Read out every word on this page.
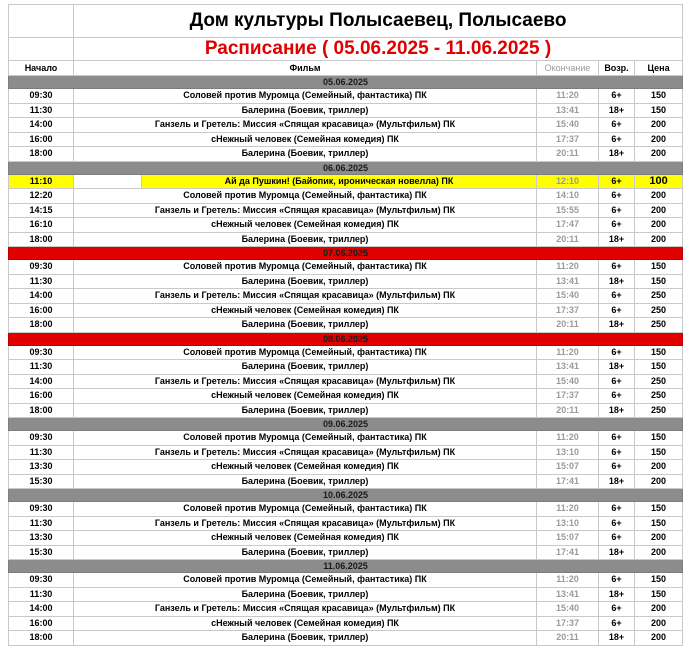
	Дом культуры Полысаевец, Полысаево				
	Расписание ( 05.06.2025 - 11.06.2025 )				
Начало	Фильм		Окончание	Возр.	Цена
05.06.2025					
09:30	Соловей против Муромца (Семейный, фантастика) ПК		11:20	6+	150
11:30	Балерина (Боевик, триллер)		13:41	18+	150
14:00	Ганзель и Гретель: Миссия «Спящая красавица» (Мультфильм) ПК		15:40	6+	200
16:00	сНежный человек (Семейная комедия) ПК		17:37	6+	200
18:00	Балерина (Боевик, триллер)		20:11	18+	200
06.06.2025					
11:10		Ай да Пушкин! (Байопик, ироническая новелла) ПК	12:10	6+	100
12:20	Соловей против Муромца (Семейный, фантастика) ПК		14:10	6+	200
14:15	Ганзель и Гретель: Миссия «Спящая красавица» (Мультфильм) ПК		15:55	6+	200
16:10	сНежный человек (Семейная комедия) ПК		17:47	6+	200
18:00	Балерина (Боевик, триллер)		20:11	18+	200
07.06.2025					
09:30	Соловей против Муромца (Семейный, фантастика) ПК		11:20	6+	150
11:30	Балерина (Боевик, триллер)		13:41	18+	150
14:00	Ганзель и Гретель: Миссия «Спящая красавица» (Мультфильм) ПК		15:40	6+	250
16:00	сНежный человек (Семейная комедия) ПК		17:37	6+	250
18:00	Балерина (Боевик, триллер)		20:11	18+	250
08.06.2025					
09:30	Соловей против Муромца (Семейный, фантастика) ПК		11:20	6+	150
11:30	Балерина (Боевик, триллер)		13:41	18+	150
14:00	Ганзель и Гретель: Миссия «Спящая красавица» (Мультфильм) ПК		15:40	6+	250
16:00	сНежный человек (Семейная комедия) ПК		17:37	6+	250
18:00	Балерина (Боевик, триллер)		20:11	18+	250
09.06.2025					
09:30	Соловей против Муромца (Семейный, фантастика) ПК		11:20	6+	150
11:30	Ганзель и Гретель: Миссия «Спящая красавица» (Мультфильм) ПК		13:10	6+	150
13:30	сНежный человек (Семейная комедия) ПК		15:07	6+	200
15:30	Балерина (Боевик, триллер)		17:41	18+	200
10.06.2025					
09:30	Соловей против Муромца (Семейный, фантастика) ПК		11:20	6+	150
11:30	Ганзель и Гретель: Миссия «Спящая красавица» (Мультфильм) ПК		13:10	6+	150
13:30	сНежный человек (Семейная комедия) ПК		15:07	6+	200
15:30	Балерина (Боевик, триллер)		17:41	18+	200
11.06.2025					
09:30	Соловей против Муромца (Семейный, фантастика) ПК		11:20	6+	150
11:30	Балерина (Боевик, триллер)		13:41	18+	150
14:00	Ганзель и Гретель: Миссия «Спящая красавица» (Мультфильм) ПК		15:40	6+	200
16:00	сНежный человек (Семейная комедия) ПК		17:37	6+	200
18:00	Балерина (Боевик, триллер)		20:11	18+	200
